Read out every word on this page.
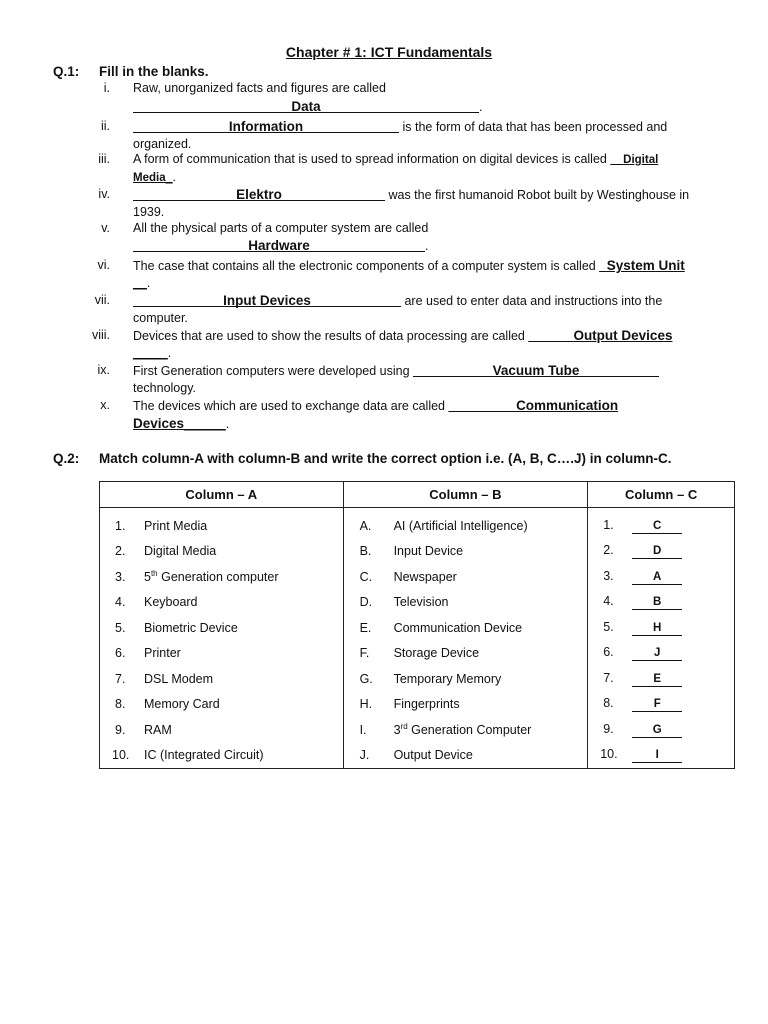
Chapter # 1: ICT Fundamentals
Q.1: Fill in the blanks.
i. Raw, unorganized facts and figures are called
Data	.
ii.	Information	is the form of data that has been processed and
organized.
iii. A form of communication that is used to spread information on digital devices is called __Digital
Media_.
iv.	Elektro	was the first humanoid Robot built by Westinghouse in
1939.
v. All the physical parts of a computer system are called
Hardware	.
vi. The case that contains all the electronic components of a computer system is called _System Unit
__.
vii.	Input Devices	are used to enter data and instructions into the
computer.
viii. Devices that are used to show the results of data processing are called ______Output Devices
_____.
ix. First Generation computers were developed using	Vacuum Tube
technology.
x. The devices which are used to exchange data are called _________Communication
Devices______.
Q.2: Match column-A with column-B and write the correct option i.e. (A, B, C….J) in column-C.
Column – A	Column – B	Column – C
1. Print Media	A. AI (Artificial Intelligence)	1. C
2. Digital Media	B. Input Device	2. D
3. 5th Generation computer	C. Newspaper	3. A
4. Keyboard	D. Television	4. B
5. Biometric Device	E. Communication Device	5. H
6. Printer	F. Storage Device	6. J
7. DSL Modem	G. Temporary Memory	7. E
8. Memory Card	H. Fingerprints	8. F
9. RAM	I. 3rd Generation Computer	9. G
10. IC (Integrated Circuit)	J. Output Device	10. I
